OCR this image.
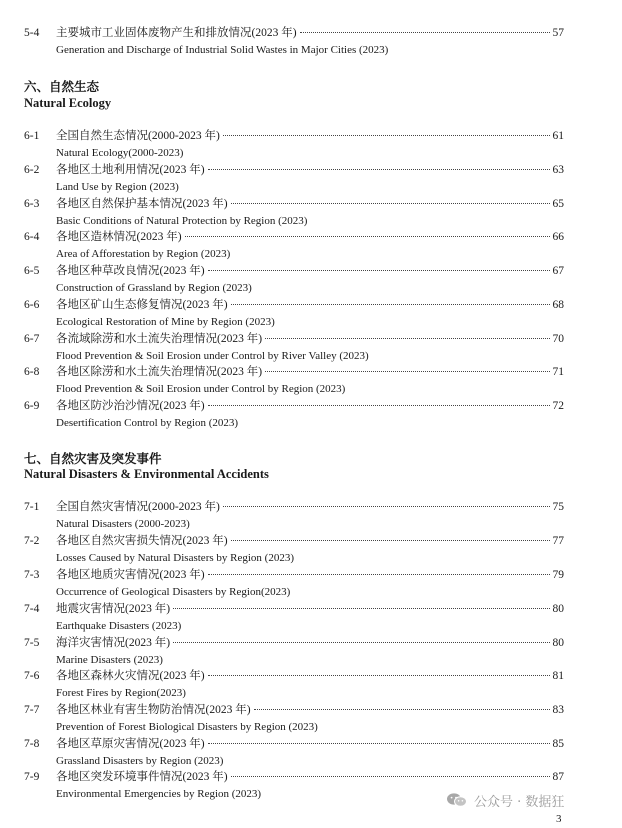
5-4	主要城市工业固体废物产生和排放情况(2023 年)	57
Generation and Discharge of Industrial Solid Wastes in Major Cities (2023)
六、自然生态
Natural Ecology
6-1	全国自然生态情况(2000-2023 年)	61
Natural Ecology(2000-2023)
6-2	各地区土地利用情况(2023 年)	63
Land Use by Region (2023)
6-3	各地区自然保护基本情况(2023 年)	65
Basic Conditions of Natural Protection by Region (2023)
6-4	各地区造林情况(2023 年)	66
Area of Afforestation by Region (2023)
6-5	各地区种草改良情况(2023 年)	67
Construction of Grassland by Region (2023)
6-6	各地区矿山生态修复情况(2023 年)	68
Ecological Restoration of Mine by Region (2023)
6-7	各流域除涝和水土流失治理情况(2023 年)	70
Flood Prevention & Soil Erosion under Control by River Valley (2023)
6-8	各地区除涝和水土流失治理情况(2023 年)	71
Flood Prevention & Soil Erosion under Control by Region (2023)
6-9	各地区防沙治沙情况(2023 年)	72
Desertification Control by Region (2023)
七、自然灾害及突发事件
Natural Disasters & Environmental Accidents
7-1	全国自然灾害情况(2000-2023 年)	75
Natural Disasters (2000-2023)
7-2	各地区自然灾害损失情况(2023 年)	77
Losses Caused by Natural Disasters by Region (2023)
7-3	各地区地质灾害情况(2023 年)	79
Occurrence of Geological Disasters by Region(2023)
7-4	地震灾害情况(2023 年)	80
Earthquake Disasters (2023)
7-5	海洋灾害情况(2023 年)	80
Marine Disasters (2023)
7-6	各地区森林火灾情况(2023 年)	81
Forest Fires by Region(2023)
7-7	各地区林业有害生物防治情况(2023 年)	83
Prevention of Forest Biological Disasters by Region (2023)
7-8	各地区草原灾害情况(2023 年)	85
Grassland Disasters by Region (2023)
7-9	各地区突发环境事件情况(2023 年)	87
Environmental Emergencies by Region (2023)
公众号 · 数据狂
3
